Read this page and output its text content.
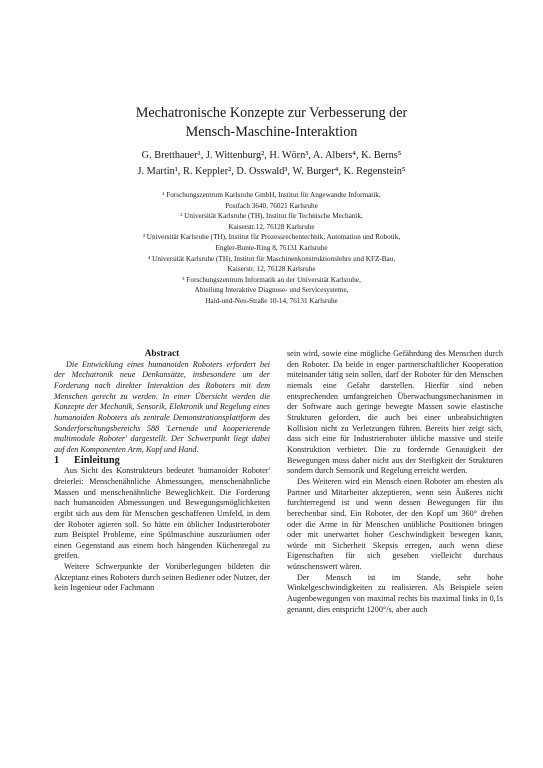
Mechatronische Konzepte zur Verbesserung der
Mensch-Maschine-Interaktion

G. Bretthauer¹, J. Wittenburg², H. Wörn³, A. Albers⁴, K. Berns⁵

J. Martin¹, R. Keppler², D. Osswald³, W. Burger⁴, K. Regenstein⁵

¹ Forschungszentrum Karlsruhe GmbH, Institut für Angewandte Informatik,

Postfach 3640, 76021 Karlsruhe

² Universität Karlsruhe (TH), Institut für Technische Mechanik,

Kaiserstr.12, 76128 Karlsruhe

³ Universität Karlsruhe (TH), Institut für Prozessrechentechnik, Automation und Robotik,

Engler-Bunte-Ring 8, 76131 Karlsruhe

⁴ Universität Karlsruhe (TH), Institut für Maschinenkonstruktionslehre und KFZ-Bau,

Kaiserstr. 12, 76128 Karlsruhe

⁵ Forschungszentrum Informatik an der Universität Karlsruhe,

Abteilung Interaktive Diagnose- und Servicesysteme,

Haid-und-Neu-Straße 10-14, 76131 Karlsruhe

Abstract

Die Entwicklung eines humanoiden Roboters erfordert bei der Mechatronik neue Denkansätze, insbesondere um der Forderung nach direkter Interaktion des Roboters mit dem Menschen gerecht zu werden. In einer Übersicht werden die Konzepte der Mechanik, Sensorik, Elektronik und Regelung eines humanoiden Roboters als zentrale Demonstrationsplattform des Sonderforschungsbereichs 588 'Lernende und kooperierende multimodale Roboter' dargestellt. Der Schwerpunkt liegt dabei auf den Komponenten Arm, Kopf und Hand.

1 Einleitung

Aus Sicht des Konstrukteurs bedeutet 'humanoider Roboter' dreierlei: Menschenähnliche Abmessungen, menschenähnliche Massen und menschenähnliche Beweglichkeit. Die Forderung nach humanoiden Abmessungen und Bewegungsmöglichkeiten ergibt sich aus dem für Menschen geschaffenen Umfeld, in dem der Roboter agieren soll. So hätte ein üblicher Industrieroboter zum Beispiel Probleme, eine Spülmaschine auszuräumen oder einen Gegenstand aus einem hoch hängenden Küchenregal zu greifen.

Weitere Schwerpunkte der Vorüberlegungen bildeten die Akzeptanz eines Roboters durch seinen Bediener oder Nutzer, der kein Ingenieur oder Fachmann

sein wird, sowie eine mögliche Gefährdung des Menschen durch den Roboter. Da beide in enger partnerschaftlicher Kooperation miteinander tätig sein sollen, darf der Roboter für den Menschen niemals eine Gefahr darstellen. Hierfür sind neben entsprechenden umfangreichen Überwachungsmechanismen in der Software auch geringe bewegte Massen sowie elastische Strukturen gefordert, die auch bei einer unbeabsichtigten Kollision nicht zu Verletzungen führen. Bereits hier zeigt sich, dass sich eine für Industrieroboter übliche massive und steife Konstruktion verbietet. Die zu fordernde Genauigkeit der Bewegungen muss daher nicht aus der Steifigkeit der Strukturen sondern durch Sensorik und Regelung erreicht werden.

Des Weiteren wird ein Mensch einen Roboter am ehesten als Partner und Mitarbeiter akzeptieren, wenn sein Äußeres nicht furchterregend ist und wenn dessen Bewegungen für ihn berechenbar sind. Ein Roboter, der den Kopf um 360° drehen oder die Arme in für Menschen unübliche Positionen bringen oder mit unerwartet hoher Geschwindigkeit bewegen kann, würde mit Sicherheit Skepsis erregen, auch wenn diese Eigenschaften für sich gesehen vielleicht durchaus wünschenswert wären.

Der Mensch ist im Stande, sehr hohe Winkelgeschwindigkeiten zu realisieren. Als Beispiele seien Augenbewegungen von maximal rechts bis maximal links in 0,1s genannt, dies entspricht 1200°/s, aber auch
